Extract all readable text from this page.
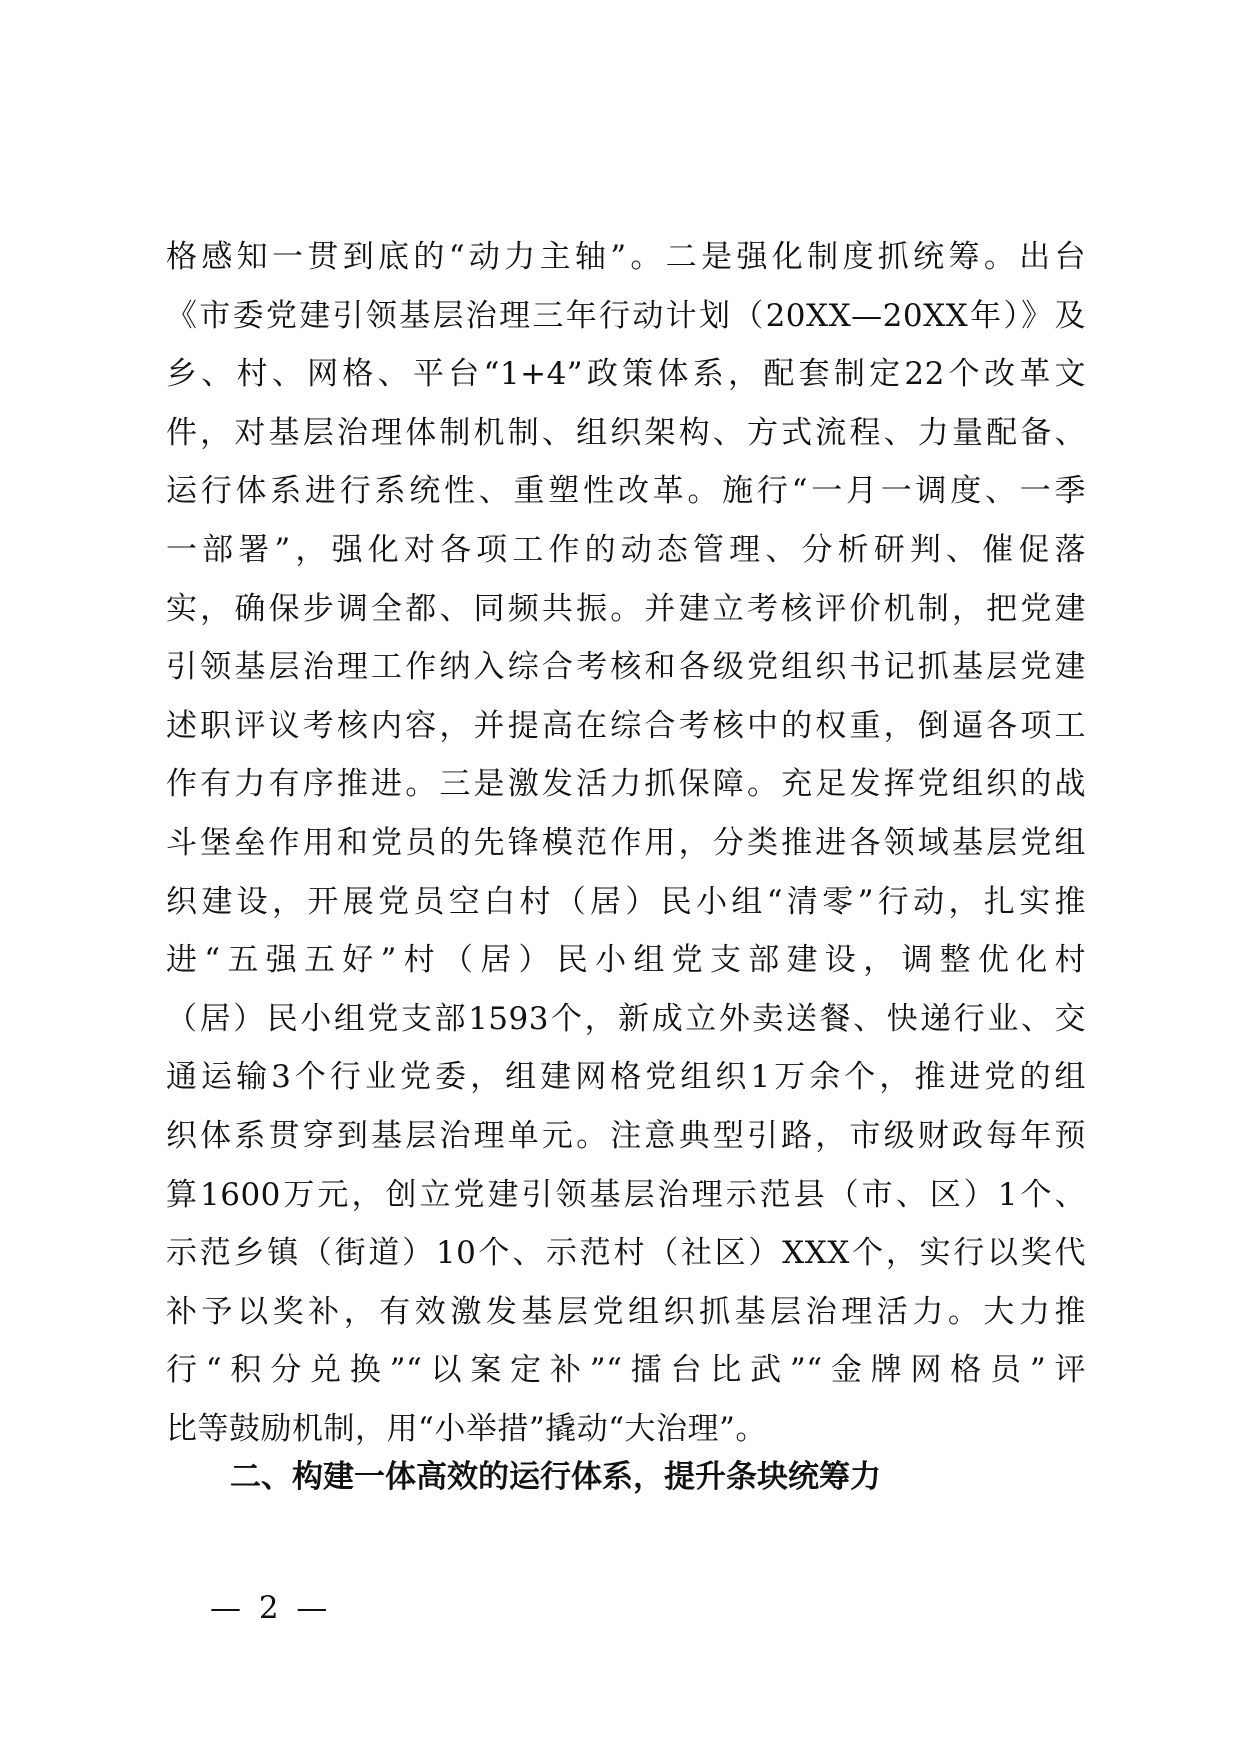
格感知一贯到底的“动力主轴”。二是强化制度抓统筹。出台
《市委党建引领基层治理三年行动计划（20XX—20XX年）》及
乡、村、网格、平台“1+4”政策体系，配套制定22个改革文
件，对基层治理体制机制、组织架构、方式流程、力量配备、
运行体系进行系统性、重塑性改革。施行“一月一调度、一季
一部署”，强化对各项工作的动态管理、分析研判、催促落
实，确保步调全都、同频共振。并建立考核评价机制，把党建
引领基层治理工作纳入综合考核和各级党组织书记抓基层党建
述职评议考核内容，并提高在综合考核中的权重，倒逼各项工
作有力有序推进。三是激发活力抓保障。充足发挥党组织的战
斗堡垒作用和党员的先锋模范作用，分类推进各领域基层党组
织建设，开展党员空白村（居）民小组“清零”行动，扎实推
进“五强五好”村（居）民小组党支部建设，调整优化村
（居）民小组党支部1593个，新成立外卖送餐、快递行业、交
通运输3个行业党委，组建网格党组织1万余个，推进党的组
织体系贯穿到基层治理单元。注意典型引路，市级财政每年预
算1600万元，创立党建引领基层治理示范县（市、区）1个、
示范乡镇（街道）10个、示范村（社区）XXX个，实行以奖代
补予以奖补，有效激发基层党组织抓基层治理活力。大力推
行“积分兑换”“以案定补”“擂台比武”“金牌网格员”评
比等鼓励机制，用“小举措”撬动“大治理”。
二、构建一体高效的运行体系，提升条块统筹力
— 2 —
